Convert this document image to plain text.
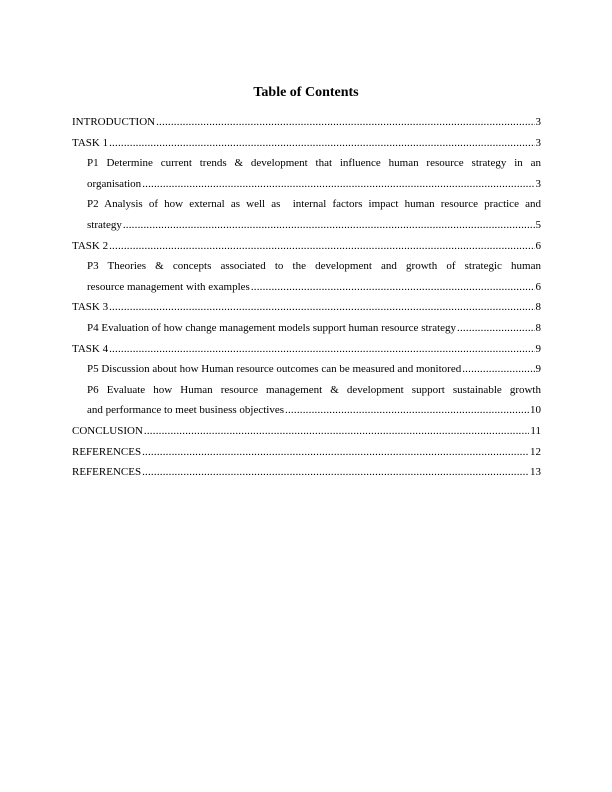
Table of Contents
INTRODUCTION .....	3
TASK 1 .....	3
P1 Determine current trends & development that influence human resource strategy in an
organisation .....	3
P2 Analysis of how external as well as  internal factors impact human resource practice and
strategy .....	5
TASK 2 .....	6
P3 Theories & concepts associated to the development and growth of strategic human
resource management with examples .....	6
TASK 3 .....	8
P4 Evaluation of how change management models support human resource strategy .....	8
TASK 4 .....	9
P5 Discussion about how Human resource outcomes can be measured and monitored .....	9
P6 Evaluate how Human resource management & development support sustainable growth
and performance to meet business objectives .....	10
CONCLUSION .....	11
REFERENCES .....	12
REFERENCES .....	13
